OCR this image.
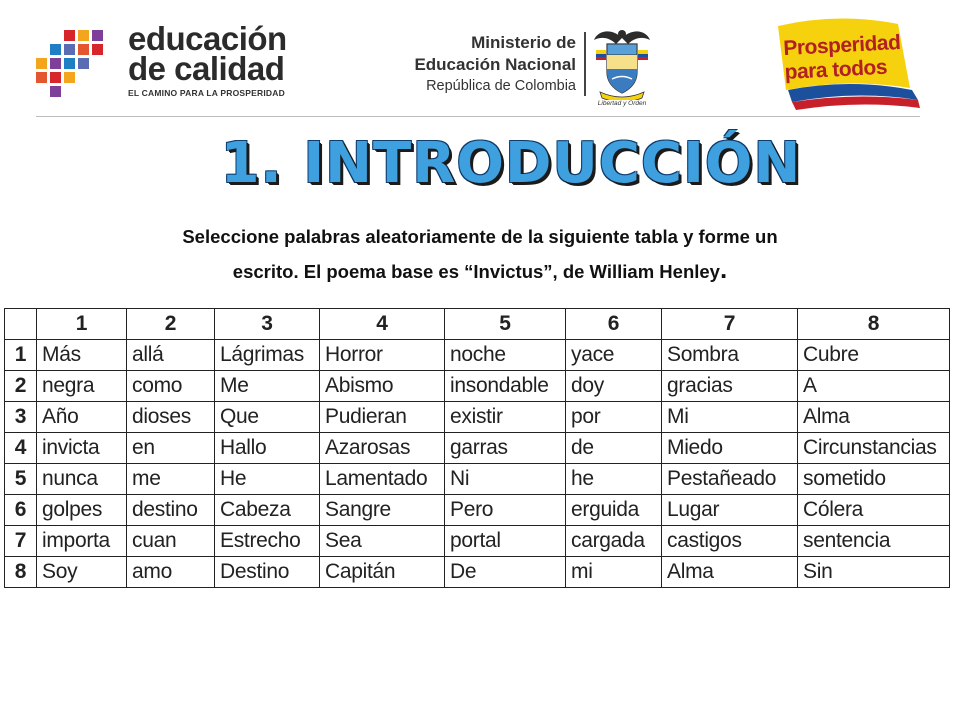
educación
de calidad
EL CAMINO PARA LA PROSPERIDAD
Ministerio de
Educación Nacional
República de Colombia
Libertad y Orden
Prosperidad
para todos
1. INTRODUCCIÓN
Seleccione palabras aleatoriamente de la siguiente tabla y forme un
escrito. El poema base es “Invictus”, de William Henley.
	1	2	3	4	5	6	7	8
1	Más	allá	Lágrimas	Horror	noche	yace	Sombra	Cubre
2	negra	como	Me	Abismo	insondable	doy	gracias	A
3	Año	dioses	Que	Pudieran	existir	por	Mi	Alma
4	invicta	en	Hallo	Azarosas	garras	de	Miedo	Circunstancias
5	nunca	me	He	Lamentado	Ni	he	Pestañeado	sometido
6	golpes	destino	Cabeza	Sangre	Pero	erguida	Lugar	Cólera
7	importa	cuan	Estrecho	Sea	portal	cargada	castigos	sentencia
8	Soy	amo	Destino	Capitán	De	mi	Alma	Sin
